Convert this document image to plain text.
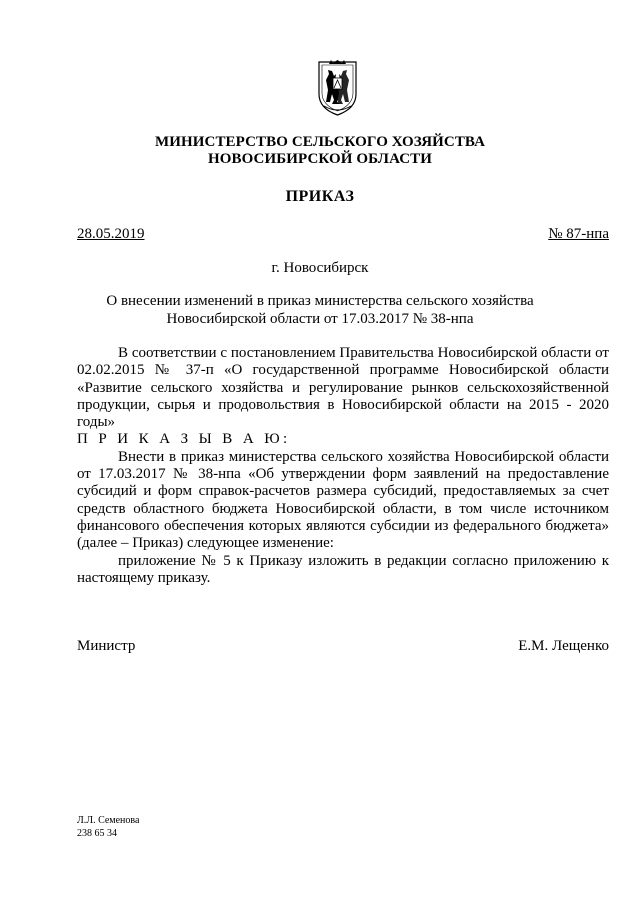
МИНИСТЕРСТВО СЕЛЬСКОГО ХОЗЯЙСТВА
НОВОСИБИРСКОЙ ОБЛАСТИ
ПРИКАЗ
28.05.2019	№ 87-нпа
г. Новосибирск
О внесении изменений в приказ министерства сельского хозяйства
Новосибирской области от 17.03.2017 № 38-нпа

В соответствии с постановлением Правительства Новосибирской области от 02.02.2015 № 37-п «О государственной программе Новосибирской области «Развитие сельского хозяйства и регулирование рынков сельскохозяйственной продукции, сырья и продовольствия в Новосибирской области на 2015 - 2020 годы»

П Р И К А З Ы В А Ю:

Внести в приказ министерства сельского хозяйства Новосибирской области от 17.03.2017 № 38-нпа «Об утверждении форм заявлений на предоставление субсидий и форм справок-расчетов размера субсидий, предоставляемых за счет средств областного бюджета Новосибирской области, в том числе источником финансового обеспечения которых являются субсидии из федерального бюджета» (далее – Приказ) следующее изменение:

приложение № 5 к Приказу изложить в редакции согласно приложению к настоящему приказу.

Министр	Е.М. Лещенко
Л.Л. Семенова
238 65 34
